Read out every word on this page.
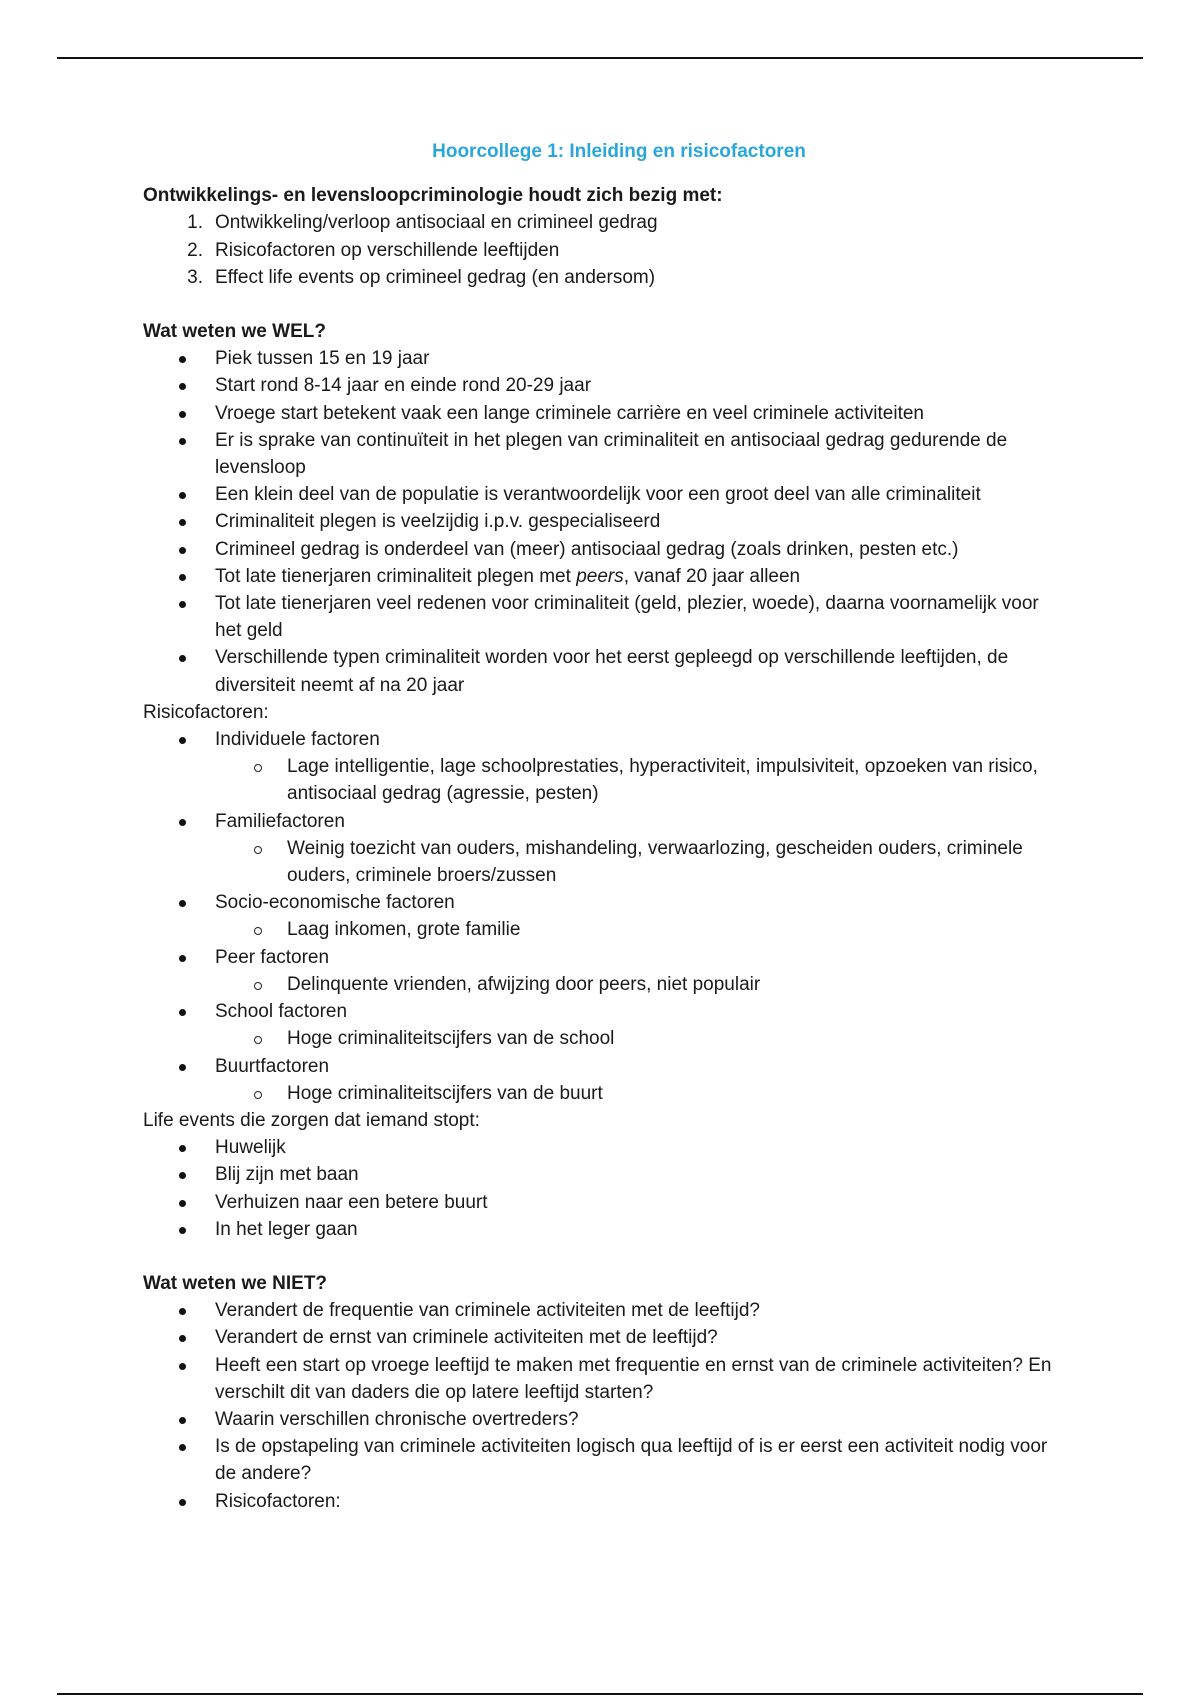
Hoorcollege 1: Inleiding en risicofactoren

Ontwikkelings- en levensloopcriminologie houdt zich bezig met:

1. Ontwikkeling/verloop antisociaal en crimineel gedrag
2. Risicofactoren op verschillende leeftijden
3. Effect life events op crimineel gedrag (en andersom)

Wat weten we WEL?

Piek tussen 15 en 19 jaar
Start rond 8-14 jaar en einde rond 20-29 jaar
Vroege start betekent vaak een lange criminele carrière en veel criminele activiteiten
Er is sprake van continuïteit in het plegen van criminaliteit en antisociaal gedrag gedurende de levensloop
Een klein deel van de populatie is verantwoordelijk voor een groot deel van alle criminaliteit
Criminaliteit plegen is veelzijdig i.p.v. gespecialiseerd
Crimineel gedrag is onderdeel van (meer) antisociaal gedrag (zoals drinken, pesten etc.)
Tot late tienerjaren criminaliteit plegen met peers, vanaf 20 jaar alleen
Tot late tienerjaren veel redenen voor criminaliteit (geld, plezier, woede), daarna voornamelijk voor het geld
Verschillende typen criminaliteit worden voor het eerst gepleegd op verschillende leeftijden, de diversiteit neemt af na 20 jaar

Risicofactoren:

Individuele factoren
Lage intelligentie, lage schoolprestaties, hyperactiviteit, impulsiviteit, opzoeken van risico, antisociaal gedrag (agressie, pesten)
Familiefactoren
Weinig toezicht van ouders, mishandeling, verwaarlozing, gescheiden ouders, criminele ouders, criminele broers/zussen
Socio-economische factoren
Laag inkomen, grote familie
Peer factoren
Delinquente vrienden, afwijzing door peers, niet populair
School factoren
Hoge criminaliteitscijfers van de school
Buurtfactoren
Hoge criminaliteitscijfers van de buurt

Life events die zorgen dat iemand stopt:

Huwelijk
Blij zijn met baan
Verhuizen naar een betere buurt
In het leger gaan

Wat weten we NIET?

Verandert de frequentie van criminele activiteiten met de leeftijd?
Verandert de ernst van criminele activiteiten met de leeftijd?
Heeft een start op vroege leeftijd te maken met frequentie en ernst van de criminele activiteiten? En verschilt dit van daders die op latere leeftijd starten?
Waarin verschillen chronische overtreders?
Is de opstapeling van criminele activiteiten logisch qua leeftijd of is er eerst een activiteit nodig voor de andere?
Risicofactoren:
